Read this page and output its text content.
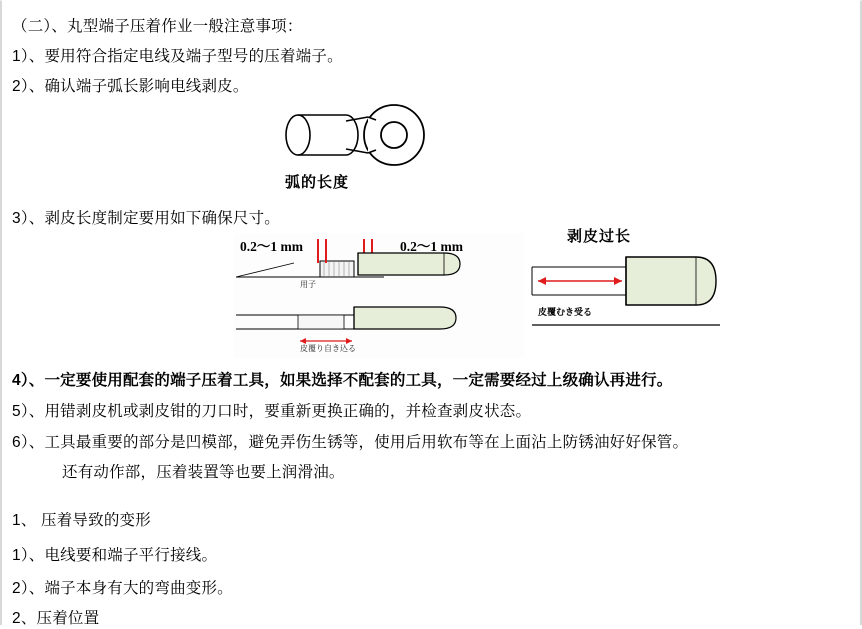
（二）、丸型端子压着作业一般注意事项：
1）、要用符合指定电线及端子型号的压着端子。
2）、确认端子弧长影响电线剥皮。
弧的长度
3）、剥皮长度制定要用如下确保尺寸。
0.2～1 mm	0.2～1 mm
用子
皮覆り自き込る
剥皮过长
皮覆むき受る
4）、一定要使用配套的端子压着工具，如果选择不配套的工具，一定需要经过上级确认再进行。
5）、用错剥皮机或剥皮钳的刀口时，要重新更换正确的，并检查剥皮状态。
6）、工具最重要的部分是凹模部，避免弄伤生锈等，使用后用软布等在上面沾上防锈油好好保管。
还有动作部，压着装置等也要上润滑油。
1、 压着导致的变形
1）、电线要和端子平行接线。
2）、端子本身有大的弯曲变形。
2、压着位置
